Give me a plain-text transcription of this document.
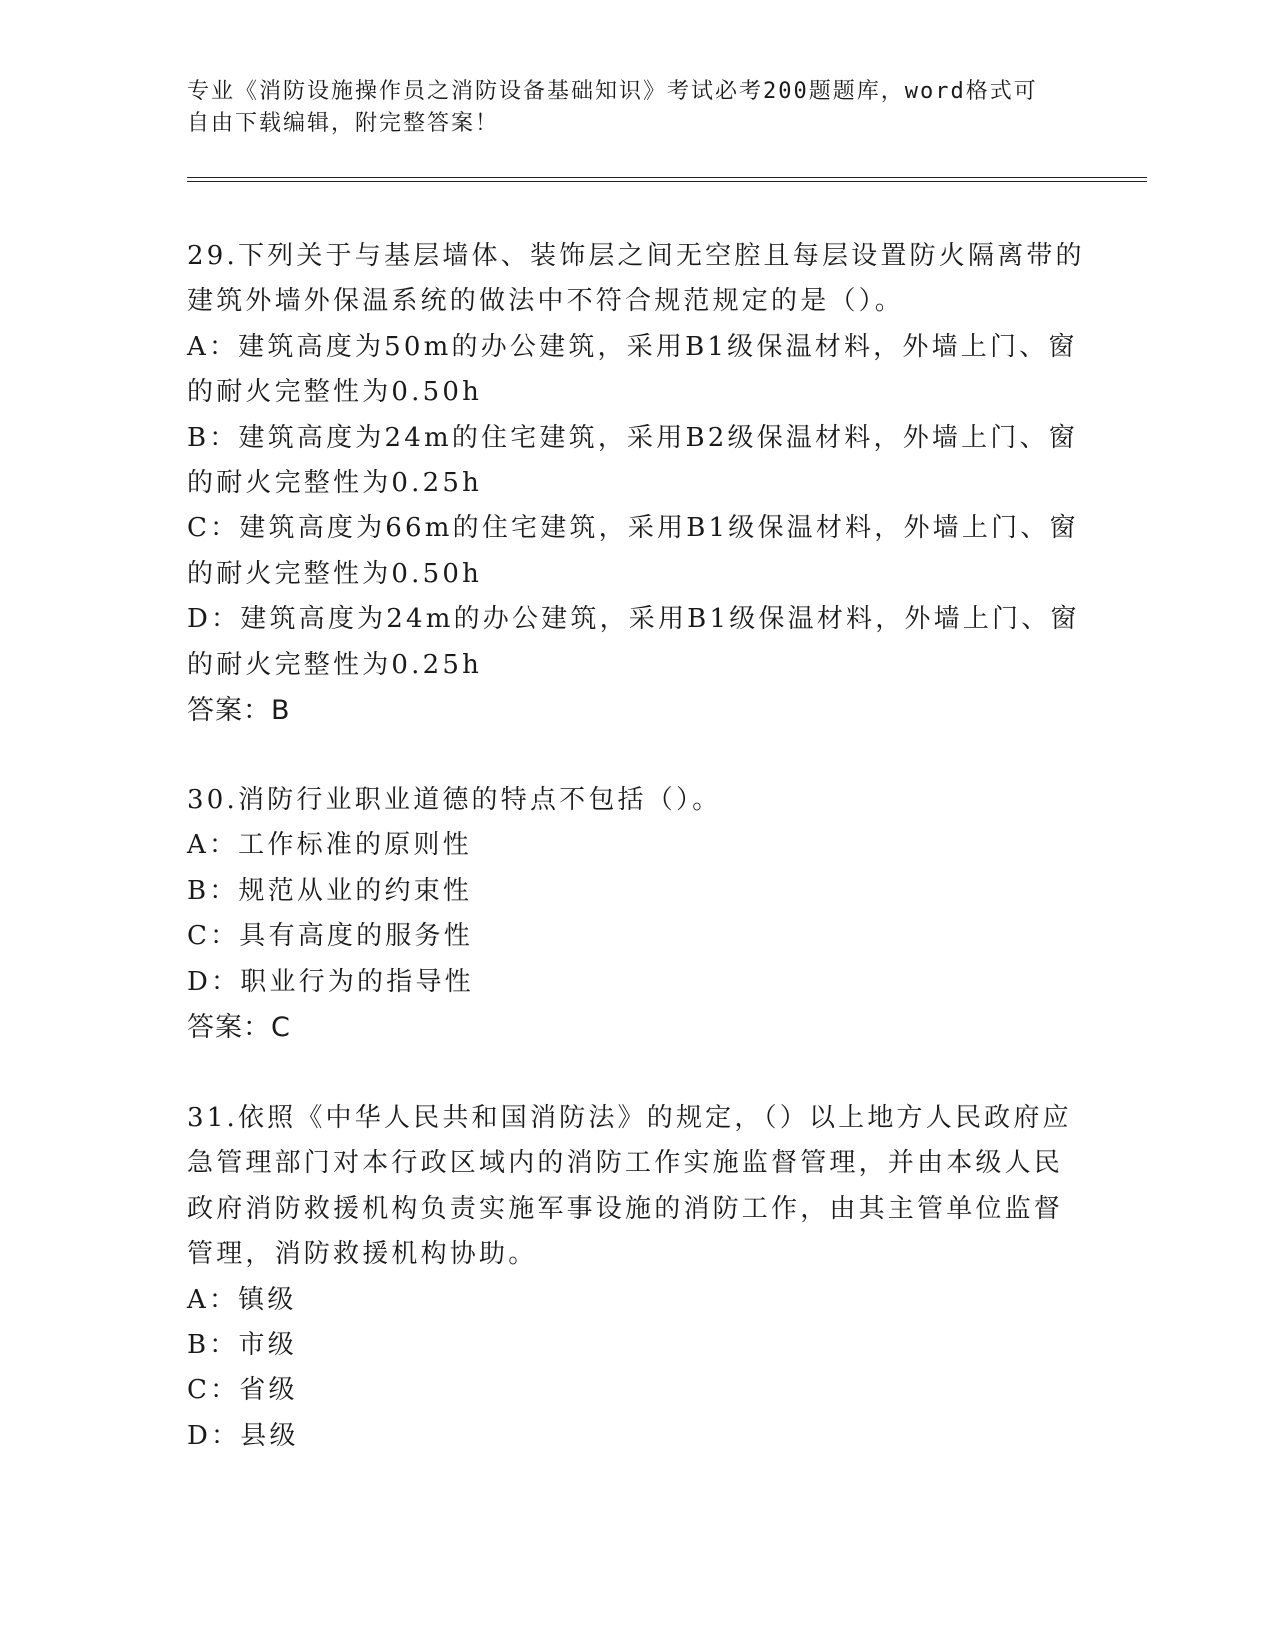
专业《消防设施操作员之消防设备基础知识》考试必考200题题库，word格式可
自由下载编辑，附完整答案！
29.下列关于与基层墙体、装饰层之间无空腔且每层设置防火隔离带的
建筑外墙外保温系统的做法中不符合规范规定的是（）。
A：建筑高度为50m的办公建筑，采用B1级保温材料，外墙上门、窗
的耐火完整性为0.50h
B：建筑高度为24m的住宅建筑，采用B2级保温材料，外墙上门、窗
的耐火完整性为0.25h
C：建筑高度为66m的住宅建筑，采用B1级保温材料，外墙上门、窗
的耐火完整性为0.50h
D：建筑高度为24m的办公建筑，采用B1级保温材料，外墙上门、窗
的耐火完整性为0.25h
答案：B
30.消防行业职业道德的特点不包括（）。
A：工作标准的原则性
B：规范从业的约束性
C：具有高度的服务性
D：职业行为的指导性
答案：C
31.依照《中华人民共和国消防法》的规定，（）以上地方人民政府应
急管理部门对本行政区域内的消防工作实施监督管理，并由本级人民
政府消防救援机构负责实施军事设施的消防工作，由其主管单位监督
管理，消防救援机构协助。
A：镇级
B：市级
C：省级
D：县级
